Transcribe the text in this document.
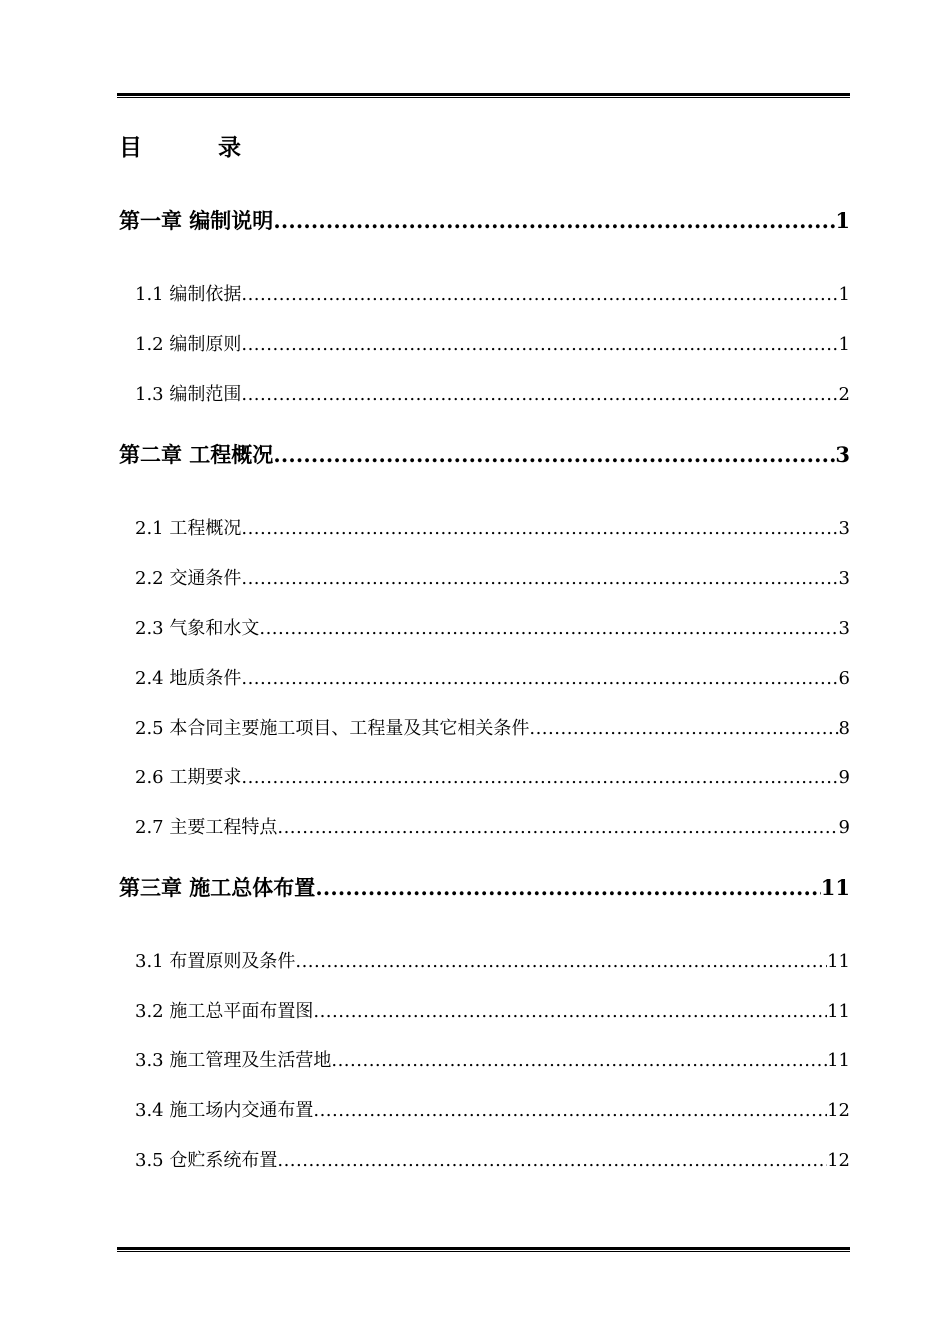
目	录
第一章 编制说明 .....	1
1.1 编制依据 .....	1
1.2 编制原则 .....	1
1.3 编制范围 .....	2
第二章 工程概况 .....	3
2.1 工程概况 .....	3
2.2 交通条件 .....	3
2.3 气象和水文 .....	3
2.4 地质条件 .....	6
2.5 本合同主要施工项目、工程量及其它相关条件 .....	8
2.6 工期要求 .....	9
2.7 主要工程特点 .....	9
第三章 施工总体布置 .....	11
3.1 布置原则及条件 .....	11
3.2 施工总平面布置图 .....	11
3.3 施工管理及生活营地 .....	11
3.4 施工场内交通布置 .....	12
3.5 仓贮系统布置 .....	12
